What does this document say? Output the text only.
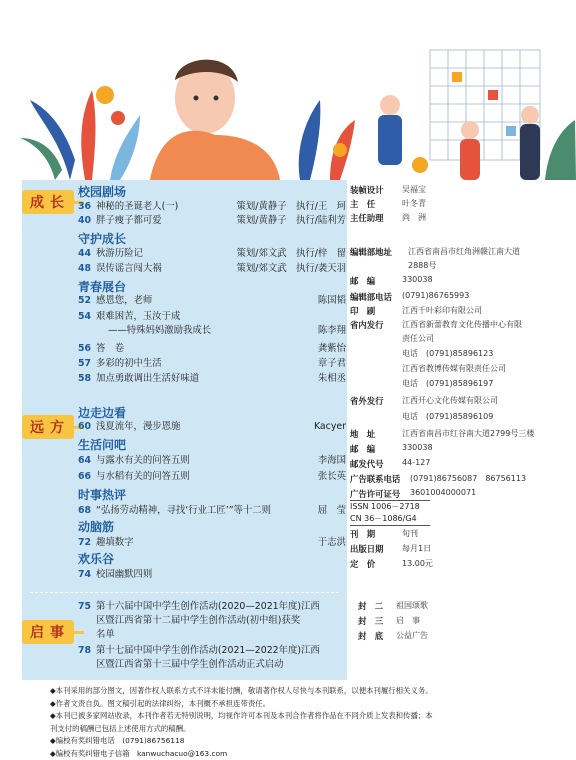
成长
校园剧场
36 神秘的圣诞老人(一)	策划/黄静子　执行/王　珂
40 胖子瘦子都可爱	策划/黄静子　执行/陆利芳
守护成长
44 秋游历险记	策划/郊文武　执行/梓　留
48 误传谣言闯大祸	策划/郊文武　执行/袭天羽
青春展台
52 感恩您，老师	陈国韬
54 艰难困苦，玉汝于成
——特殊妈妈激励我成长	陈李翔
56 答　卷	龚紫怡
57 多彩的初中生活	章子君
58 加点勇敢调出生活好味道	朱相丞
远方
边走边看
60 浅夏流年，漫步恩施	Kacyer
生活问吧
64 与露水有关的问答五则	李海国
66 与水稻有关的问答五则	张长英
时事热评
68 “弘扬劳动精神，寻找‘行业工匠’”等十二则	屈　莹
动脑筋
72 趣填数字	于志洪
欢乐谷
74 校园幽默四则
启事
75 第十六届中国中学生创作活动(2020—2021年度)江西
区暨江西省第十二届中学生创作活动(初中组)获奖
名单
78 第十七届中国中学生创作活动(2021—2022年度)江西
区暨江西省第十三届中学生创作活动正式启动
装帧设计 吴福宝
主　任	叶冬青
主任助理 尚　洲
编辑部地址 江西省南昌市红角洲赣江南大道
2888号
邮　编	330038
编辑部电话 (0791)86765993
印　刷	江西千叶彩印有限公司
省内发行 江西省新蕾教育文化传播中心有限
责任公司
电话　(0791)85896123
江西省教博传媒有限责任公司
电话　(0791)85896197
省外发行 江西开心文化传媒有限公司
电话　(0791)85896109
地　址	江西省南昌市红谷南大道2799号三楼
邮　编	330038
邮发代号 44-127
广告联系电话 (0791)86756087　86756113
广告许可证号 3601004000071
ISSN 1006－2718
CN 36－1086/G4
刊　期	旬刊
出版日期 每月1日
定　价	13.00元
封　二 祖国颂歌
封　三 启　事
封　底 公益广告
◆本刊采用的部分图文，因著作权人联系方式不详未能付酬，敬请著作权人尽快与本刊联系，以便本刊履行相关义务。
◆作者文责自负。图文稿引起的法律纠纷，本刊概不承担连带责任。
◆本刊已被多家网站收录，本刊作者若无特别说明，均视作许可本刊及本刊合作者将作品在不同介质上发表和传播；本
刊支付的稿酬已包括上述使用方式的稿酬。
◆编校有奖纠错电话　(0791)86756118
◆编校有奖纠错电子信箱　kanwuchacuo@163.com
